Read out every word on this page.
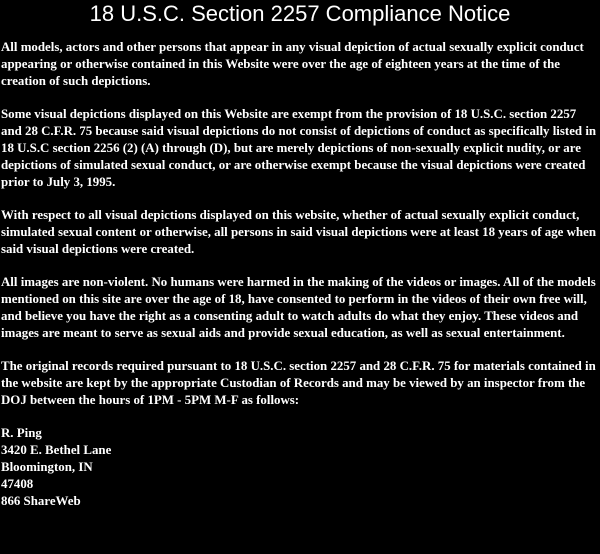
18 U.S.C. Section 2257 Compliance Notice

All models, actors and other persons that appear in any visual depiction of actual sexually explicit conduct appearing or otherwise contained in this Website were over the age of eighteen years at the time of the creation of such depictions.

Some visual depictions displayed on this Website are exempt from the provision of 18 U.S.C. section 2257 and 28 C.F.R. 75 because said visual depictions do not consist of depictions of conduct as specifically listed in 18 U.S.C section 2256 (2) (A) through (D), but are merely depictions of non-sexually explicit nudity, or are depictions of simulated sexual conduct, or are otherwise exempt because the visual depictions were created prior to July 3, 1995.

With respect to all visual depictions displayed on this website, whether of actual sexually explicit conduct, simulated sexual content or otherwise, all persons in said visual depictions were at least 18 years of age when said visual depictions were created.

All images are non-violent. No humans were harmed in the making of the videos or images. All of the models mentioned on this site are over the age of 18, have consented to perform in the videos of their own free will, and believe you have the right as a consenting adult to watch adults do what they enjoy. These videos and images are meant to serve as sexual aids and provide sexual education, as well as sexual entertainment.

The original records required pursuant to 18 U.S.C. section 2257 and 28 C.F.R. 75 for materials contained in the website are kept by the appropriate Custodian of Records and may be viewed by an inspector from the DOJ between the hours of 1PM - 5PM M-F as follows:

R. Ping
3420 E. Bethel Lane
Bloomington, IN
47408
866 ShareWeb
